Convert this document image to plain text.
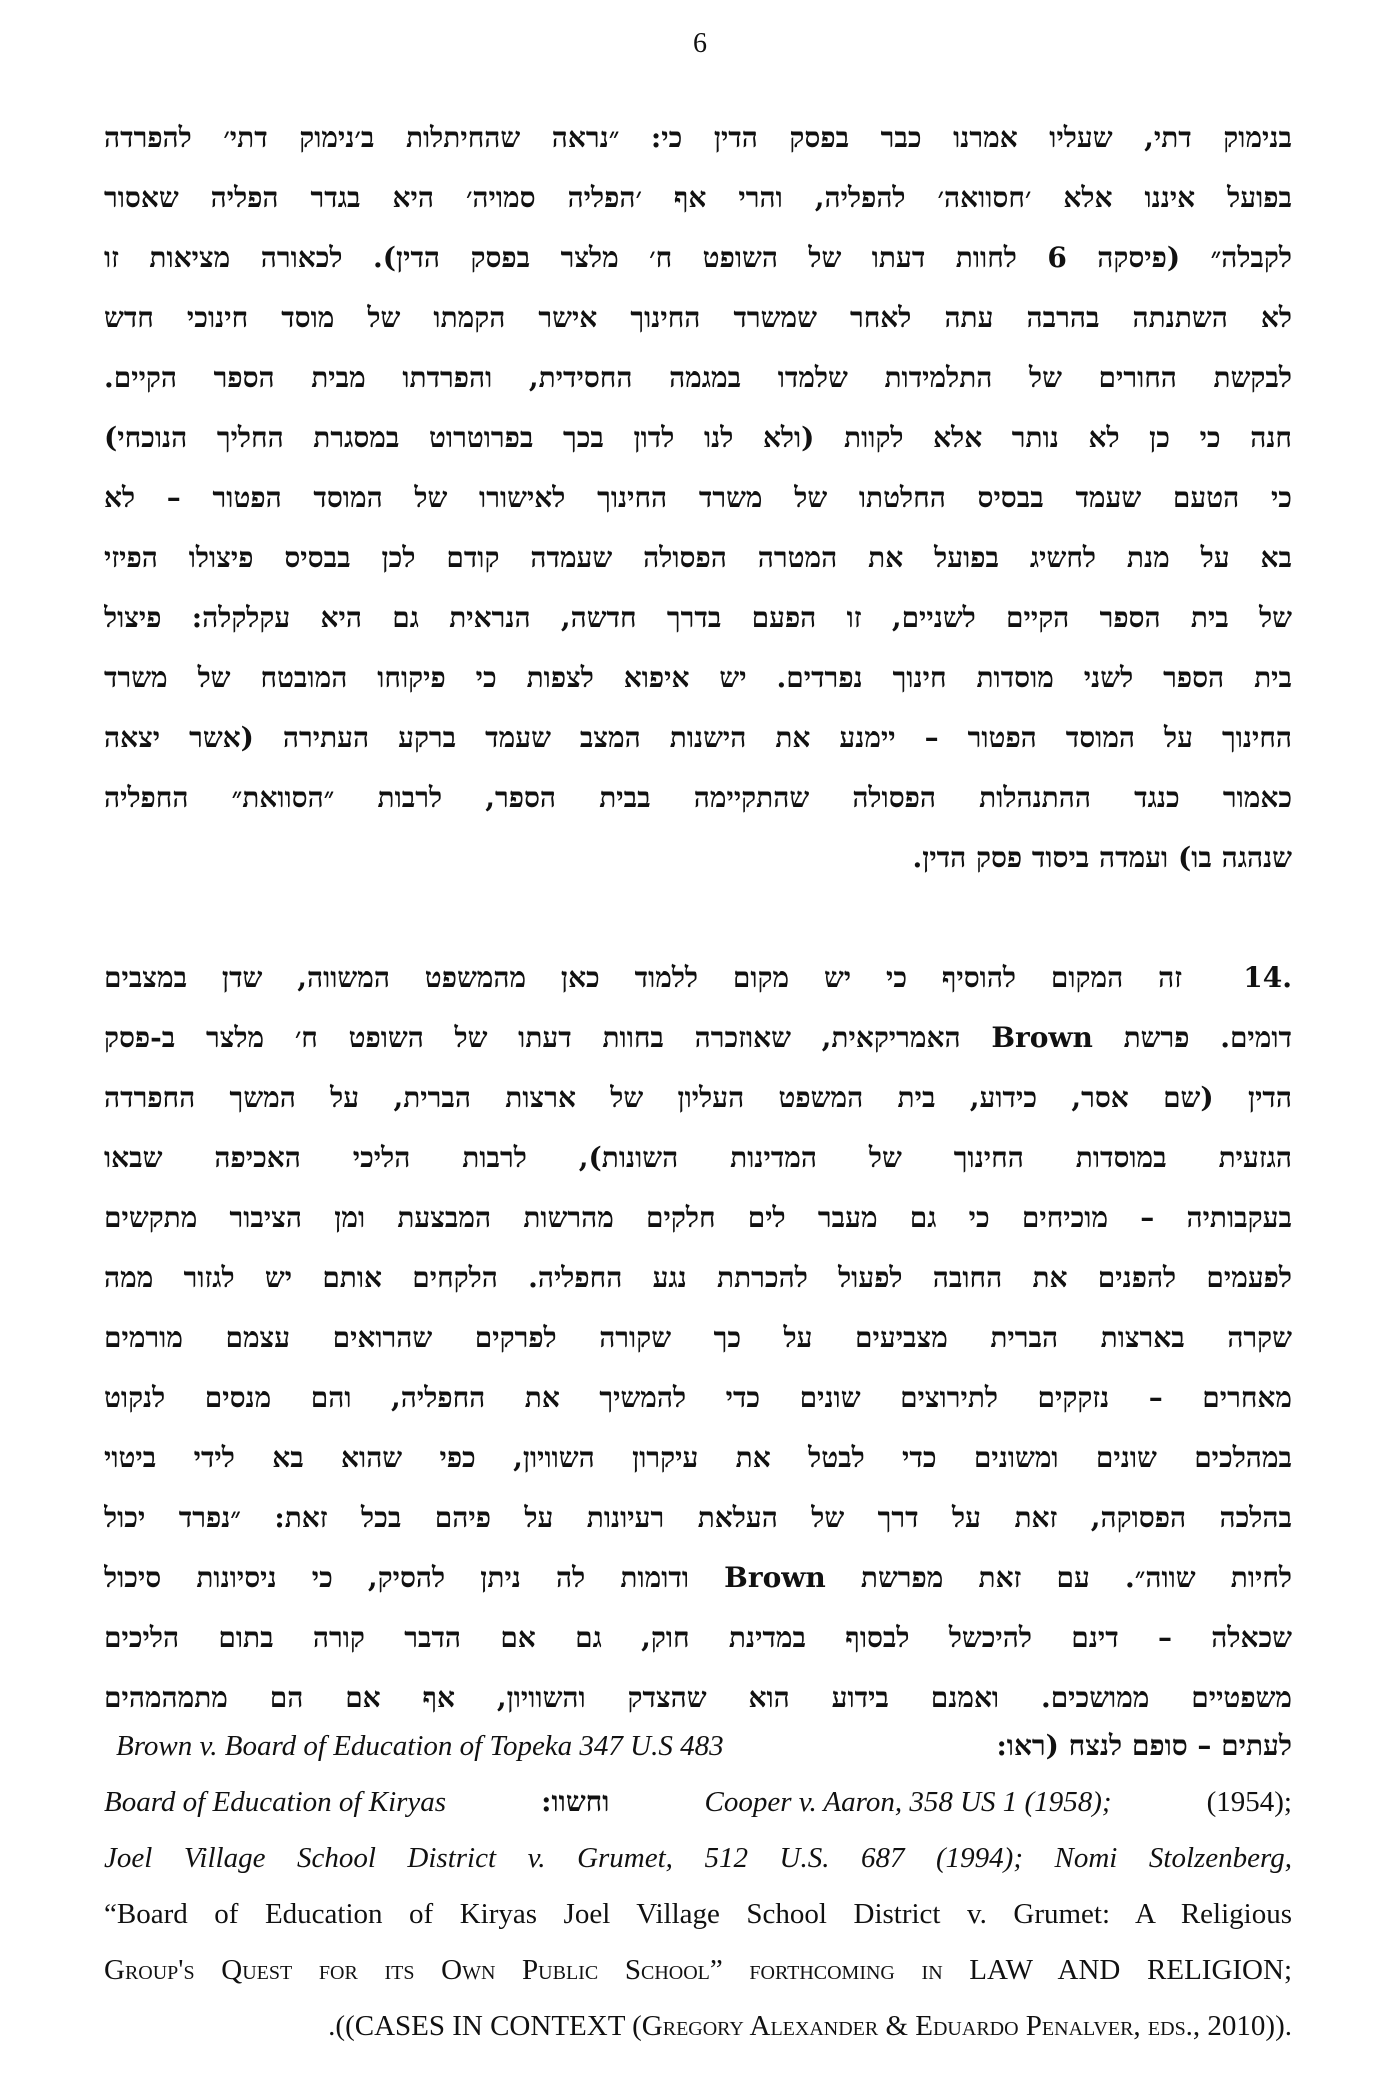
6
בנימוק דתי, שעליו אמרנו כבר בפסק הדין כי: ״נראה שהחיתלות ב׳נימוק דתי׳ להפרדה
בפועל איננו אלא ׳חסוואה׳ להפליה, והרי אף ׳הפליה סמויה׳ היא בגדר הפליה שאסור
לקבלה״ (פיסקה 6 לחוות דעתו של השופט ח׳ מלצר בפסק הדין). לכאורה מציאות זו
לא השתנתה בהרבה עתה לאחר שמשרד החינוך אישר הקמתו של מוסד חינוכי חדש
לבקשת החורים של התלמידות שלמדו במגמה החסידית, והפרדתו מבית הספר הקיים.
חנה כי כן לא נותר אלא לקוות (ולא לנו לדון בכך בפרוטרוט במסגרת החליך הנוכחי)
כי הטעם שעמד בבסיס החלטתו של משרד החינוך לאישורו של המוסד הפטור – לא
בא על מנת לחשיג בפועל את המטרה הפסולה שעמדה קודם לכן בבסיס פיצולו הפיזי
של בית הספר הקיים לשניים, זו הפעם בדרך חדשה, הנראית גם היא עקלקלה: פיצול
בית הספר לשני מוסדות חינוך נפרדים. יש איפוא לצפות כי פיקוחו המובטח של משרד
החינוך על המוסד הפטור – יימנע את הישנות המצב שעמד ברקע העתירה (אשר יצאה
כאמור כנגד ההתנהלות הפסולה שהתקיימה בבית הספר, לרבות ״הסוואת״ החפליה
שנהגה בו) ועמדה ביסוד פסק הדין.
.14
זה המקום להוסיף כי יש מקום ללמוד כאן מהמשפט המשווה, שדן במצבים
דומים. פרשת Brown האמריקאית, שאוזכרה בחוות דעתו של השופט ח׳ מלצר ב-פסק
הדין (שם אסר, כידוע, בית המשפט העליון של ארצות הברית, על המשך החפרדה
הגזעית במוסדות החינוך של המדינות השונות), לרבות הליכי האכיפה שבאו
בעקבותיה – מוכיחים כי גם מעבר לים חלקים מהרשות המבצעת ומן הציבור מתקשים
לפעמים להפנים את החובה לפעול להכרתת נגע החפליה. הלקחים אותם יש לגזור ממה
שקרה בארצות הברית מצביעים על כך שקורה לפרקים שהרואים עצמם מורמים
מאחרים – נזקקים לתירוצים שונים כדי להמשיך את החפליה, והם מנסים לנקוט
במהלכים שונים ומשונים כדי לבטל את עיקרון השוויון, כפי שהוא בא לידי ביטוי
בהלכה הפסוקה, זאת על דרך של העלאת רעיונות על פיהם בכל זאת: ״נפרד יכול
לחיות שווה״. עם זאת מפרשת Brown ודומות לה ניתן להסיק, כי ניסיונות סיכול
שכאלה – דינם להיכשל לבסוף במדינת חוק, גם אם הדבר קורה בתום הליכים
משפטיים ממושכים. ואמנם בידוע הוא שהצדק והשוויון, אף אם הם מתמהמהים
Brown v. Board of Education of Topeka 347 U.S 483	לעתים – סופם לנצח (ראו:
Board of Education of Kiryas	וחשוו:	Cooper v. Aaron, 358 US 1 (1958);	(1954);
Joel Village School District v. Grumet, 512 U.S. 687 (1994); Nomi Stolzenberg,
“Board of Education of Kiryas Joel Village School District v. Grumet: A Religious
Group's Quest for its Own Public School” forthcoming in LAW AND RELIGION;
.((CASES IN CONTEXT (Gregory Alexander & Eduardo Penalver, eds., 2010)).
